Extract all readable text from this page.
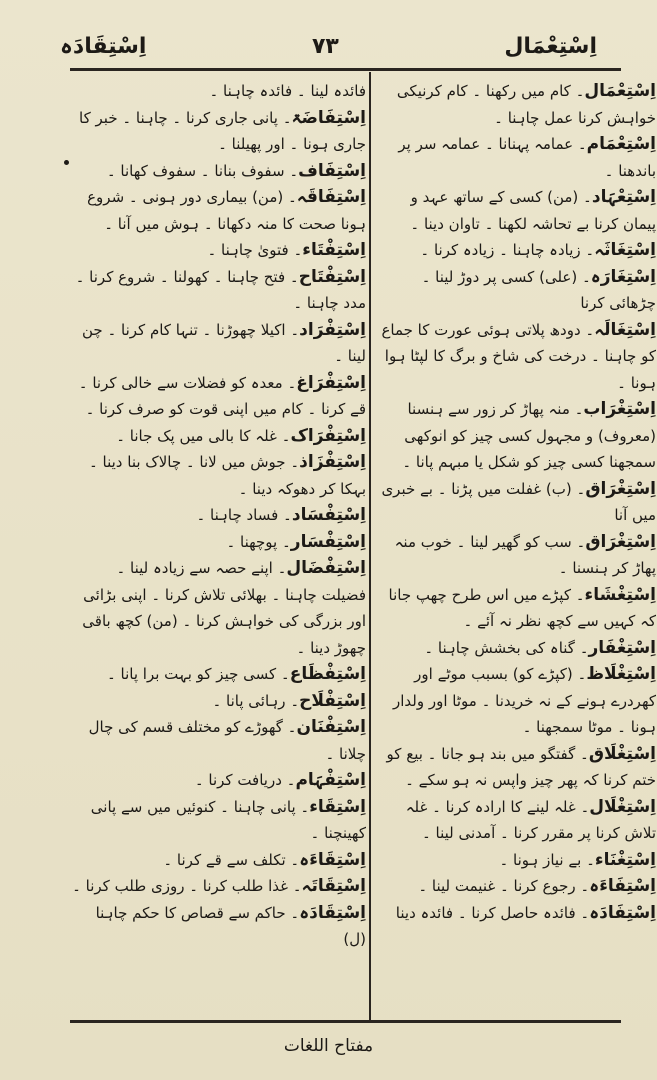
اِسْتِعْمَال
۷۳
اِسْتِقَادَہ

اِسْتِعْمَال۔ کام میں رکھنا ۔ کام کرنیکی خواہش کرنا عمل چاہنا ۔

اِسْتِعْمَام۔ عمامہ پہنانا ۔ عمامہ سر پر باندھنا ۔

اِسْتِعْہَاد۔ (من) کسی کے ساتھ عہد و پیمان کرنا بے تحاشہ لکھنا ۔ تاوان دینا ۔

اِسْتِغَاثَہ۔ زیادہ چاہنا ۔ زیادہ کرنا ۔

اِسْتِغَارَہ۔ (علی) کسی پر دوڑ لینا ۔ چڑھائی کرنا

اِسْتِغَالَہ۔ دودھ پلاتی ہوئی عورت کا جماع کو چاہنا ۔ درخت کی شاخ و برگ کا لپٹا ہوا ہونا ۔

اِسْتِغْرَاب۔ منہ پھاڑ کر زور سے ہنسنا (معروف) و مجہول کسی چیز کو انوکھی سمجھنا کسی چیز کو شکل یا مبہم پانا ۔

اِسْتِغْرَاق۔ (ب) غفلت میں پڑنا ۔ بے خبری میں آنا

اِسْتِغْرَاق۔ سب کو گھیر لینا ۔ خوب منہ پھاڑ کر ہنسنا ۔

اِسْتِغْشَاء۔ کپڑے میں اس طرح چھپ جانا کہ کہیں سے کچھ نظر نہ آئے ۔

اِسْتِغْفَار۔ گناہ کی بخشش چاہنا ۔

اِسْتِغْلَاظ۔ (کپڑے کو) بسبب موٹے اور کھردرے ہونے کے نہ خریدنا ۔ موٹا اور ولدار ہونا ۔ موٹا سمجھنا ۔

اِسْتِغْلَاق۔ گفتگو میں بند ہو جانا ۔ بیع کو ختم کرنا کہ پھر چیز واپس نہ ہو سکے ۔

اِسْتِغْلَال۔ غلہ لینے کا ارادہ کرنا ۔ غلہ تلاش کرنا پر مقرر کرنا ۔ آمدنی لینا ۔

اِسْتِغْنَاء۔ بے نیاز ہونا ۔

اِسْتِفَاءَہ۔ رجوع کرنا ۔ غنیمت لینا ۔

اِسْتِفَادَہ۔ فائدہ حاصل کرنا ۔ فائدہ دینا

فائدہ لینا ۔ فائدہ چاہنا ۔

اِسْتِفَاضَۃ۔ پانی جاری کرنا ۔ چاہنا ۔ خبر کا جاری ہونا ۔ اور پھیلنا ۔

اِسْتِفَاف۔ سفوف بنانا ۔ سفوف کھانا ۔

اِسْتِفَاقَہ۔ (من) بیماری دور ہونی ۔ شروع ہونا صحت کا منہ دکھانا ۔ ہوش میں آنا ۔

اِسْتِفْتَاء۔ فتویٰ چاہنا ۔

اِسْتِفْتَاح۔ فتح چاہنا ۔ کھولنا ۔ شروع کرنا ۔ مدد چاہنا ۔

اِسْتِفْرَاد۔ اکیلا چھوڑنا ۔ تنہا کام کرنا ۔ چن لینا ۔

اِسْتِفْرَاغ۔ معدہ کو فضلات سے خالی کرنا ۔ قے کرنا ۔ کام میں اپنی قوت کو صرف کرنا ۔

اِسْتِفْرَاک۔ غلہ کا بالی میں پک جانا ۔

اِسْتِفْزَاذ۔ جوش میں لانا ۔ چالاک بنا دینا ۔ بہکا کر دھوکہ دینا ۔

اِسْتِفْسَاد۔ فساد چاہنا ۔

اِسْتِفْسَار۔ پوچھنا ۔

اِسْتِفْضَال۔ اپنے حصہ سے زیادہ لینا ۔ فضیلت چاہنا ۔ بھلائی تلاش کرنا ۔ اپنی بڑائی اور بزرگی کی خواہش کرنا ۔ (من) کچھ باقی چھوڑ دینا ۔

اِسْتِفْظَاع۔ کسی چیز کو بہت برا پانا ۔

اِسْتِفْلَاح۔ رہائی پانا ۔

اِسْتِفْنَان۔ گھوڑے کو مختلف قسم کی چال چلانا ۔

اِسْتِفْہَام۔ دریافت کرنا ۔

اِسْتِقَاء۔ پانی چاہنا ۔ کنوئیں میں سے پانی کھینچنا ۔

اِسْتِقَاءَہ۔ تکلف سے قے کرنا ۔

اِسْتِقَاتَہ۔ غذا طلب کرنا ۔ روزی طلب کرنا ۔

اِسْتِقَادَہ۔ حاکم سے قصاص کا حکم چاہنا (ل)

مفتاح اللغات
